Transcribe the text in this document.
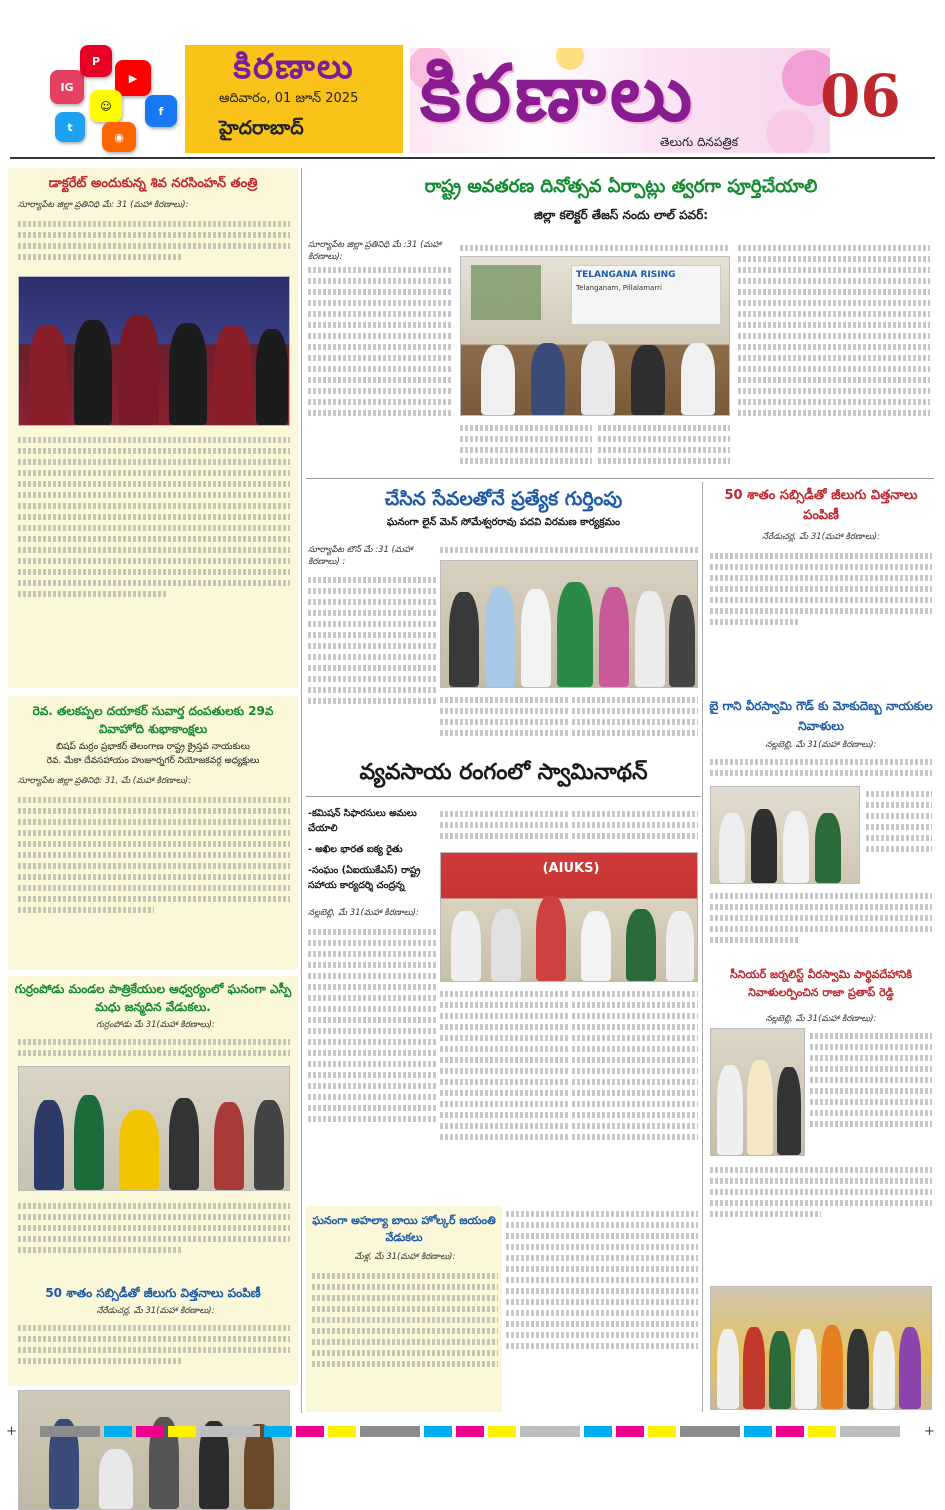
IG
P
▶
f
☺
t
◉
కిరణాలు
ఆదివారం, 01 జూన్ 2025
హైదరాబాద్ కిరణాలు
తెలుగు దినపత్రిక
06
డాక్టరేట్ అందుకున్న శివ నరసింహన్ తంత్రి
సూర్యాపేట జిల్లా ప్రతినిధి మే: 31 (మహా కిరణాలు):
రెవ. తలకప్పల దయాకర్ సువార్త దంపతులకు 29వ వివాహోది శుభాకాంక్షలు
బిషప్ మర్రం ప్రభాకర్ తెలంగాణ రాష్ట్ర క్రైస్తవ నాయకులు
రెవ. మేకా దేవసహాయం హుజూర్నగర్ నియోజకవర్గ అధ్యక్షులు
సూర్యాపేట జిల్లా ప్రతినిధి: 31, మే (మహా కిరణాలు):
గుర్రంపోడు మండల పాత్రికేయుల ఆధ్వర్యంలో ఘనంగా ఎస్పీ మధు జన్మదిన వేడుకలు.
గుర్రంపోడు మే 31(మహా కిరణాలు):
50 శాతం సబ్సిడీతో జీలుగు విత్తనాలు పంపిణీ
నేరేడుచర్ల, మే 31(మహా కిరణాలు):
రాష్ట్ర అవతరణ దినోత్సవ ఏర్పాట్లు త్వరగా పూర్తిచేయాలి
జిల్లా కలెక్టర్ తేజస్ నందు లాల్ పవర్:
సూర్యాపేట జిల్లా ప్రతినిధి మే :31 (మహా కిరణాలు):
TELANGANA RISING
Telanganam, Pillalamarri
చేసిన సేవలతోనే ప్రత్యేక గుర్తింపు
ఘనంగా లైన్ మెన్ సోమేశ్వరరావు పదవి విరమణ కార్యక్రమం
సూర్యాపేట టౌన్ మే :31 (మహా కిరణాలు) :
50 శాతం సబ్సిడీతో జీలుగు విత్తనాలు పంపిణీ
నేరేడుచర్ల, మే 31(మహా కిరణాలు):
బై గాని వీరస్వామి గౌడ్ కు మోకుదెబ్బ నాయకుల నివాళులు
నల్లబెల్లి, మే 31(మహా కిరణాలు):
సీనియర్ జర్నలిస్ట్ వీరస్వామి పార్థివదేహానికి నివాళులర్పించిన రాజా ప్రతాప్ రెడ్డి
నల్లబెల్లి, మే 31(మహా కిరణాలు):
వ్యవసాయ రంగంలో స్వామినాథన్
-కమిషన్ సిఫారసులు అమలు చేయాలి
- అఖిల భారత ఐక్య రైతు
-సంఘం (ఏఐయుకేఎస్) రాష్ట్ర సహాయ కార్యదర్శి చంద్రన్న
నల్లబెల్లి, మే 31(మహా కిరణాలు):
(AIUKS)
ఘనంగా అహల్యా బాయి హోల్కర్ జయంతి వేడుకలు
మేళ్ల, మే 31(మహా కిరణాలు):
+	+
